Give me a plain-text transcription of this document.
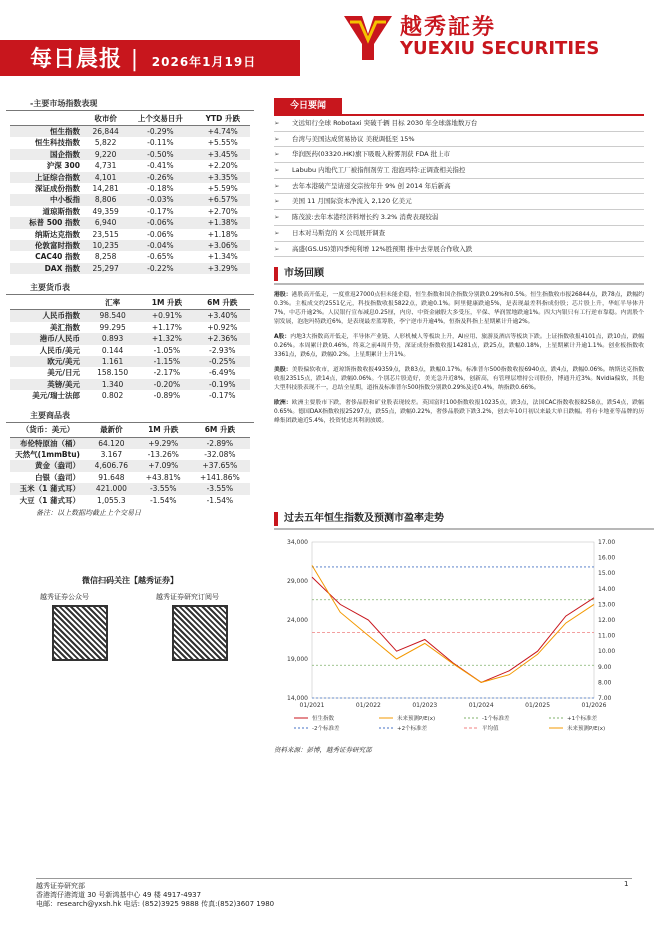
每日晨报 | 2026年1月19日
越秀証券
YUEXIU SECURITIES
-主要市场指数表现
	收市价	上个交易日升	YTD 升跌
恒生指数	26,844	-0.29%	+4.74%
恒生科技指数	5,822	-0.11%	+5.55%
国企指数	9,220	-0.50%	+3.45%
沪深 300	4,731	-0.41%	+2.20%
上证综合指数	4,101	-0.26%	+3.35%
深证成份指数	14,281	-0.18%	+5.59%
中小板指	8,806	-0.03%	+6.57%
道琼斯指数	49,359	-0.17%	+2.70%
标普 500 指数	6,940	-0.06%	+1.38%
纳斯达克指数	23,515	-0.06%	+1.18%
伦敦富时指数	10,235	-0.04%	+3.06%
CAC40 指数	8,258	-0.65%	+1.34%
DAX 指数	25,297	-0.22%	+3.29%
主要货币表
	汇率	1M 升跌	6M 升跌
人民币指数	98.540	+0.91%	+3.40%
美汇指数	99.295	+1.17%	+0.92%
港币/人民币	0.893	+1.32%	+2.36%
人民币/美元	0.144	-1.05%	-2.93%
欧元/美元	1.161	-1.15%	-0.25%
美元/日元	158.150	-2.17%	-6.49%
英镑/美元	1.340	-0.20%	-0.19%
美元/瑞士法郎	0.802	-0.89%	-0.17%
主要商品表
（货币：美元）	最新价	1M 升跌	6M 升跌
布伦特原油（桶）	64.120	+9.29%	-2.89%
天然气(1mmBtu)	3.167	-13.26%	-32.08%
黄金（盎司）	4,606.76	+7.09%	+37.65%
白银（盎司）	91.648	+43.81%	+141.86%
玉米（1 蒲式耳）	421.000	-3.55%	-3.55%
大豆（1 蒲式耳）	1,055.3	-1.54%	-1.54%
备注：以上数据均截止上个交易日
微信扫码关注【越秀证券】
越秀证券公众号	越秀证券研究订阅号
今日要闻
➢ 文远知行全球 Robotaxi 突破千辆 目标 2030 年全球落地数万台
➢ 台湾与美国达成贸易协议 美税调低至 15%
➢ 华润医药(03320.HK)旗下吸吸入粉雾剂获 FDA 批上市
➢ Labubu 内地代工厂被指削剂劳工 泡泡玛特:正调查相关指控
➢ 去年本港破产呈请递交宗按年升 9% 创 2014 年后新高
➢ 美国 11 月国际资本净流入 2,120 亿美元
➢ 陈茂波:去年本港经济料增长约 3.2% 消费表现较弱
➢ 日本对马斯克的 X 公司展开调查
➢ 高盛(GS.US)第四季纯利增 12%胜预期 推中去芽展合作收入跌
市场回顾
港股：港股高开低走，一度重返27000点但未能企稳，恒生指数和国企指数分别跌0.29%和0.5%。恒生指数收市报26844点，跌78点，跌幅约0.3%。主板成交约2551亿元，科技指数收报5822点，跌逾0.1%。阿里健康跌逾5%，是表现最差科指成份股；芯片股上升，华虹半导体升7%，中芯升逾2%。人民银行宣布减息0.25厘，内房、中资金融股大多受压，平保、华润置地跌逾1%。四大内银只有工行逆市靠稳。内需股个别发展，泡泡玛特跌近6%，是表现最差蓝筹股，李宁逆市升逾4%，恒指及科指上星期累计升逾2%。
A股：内地3大指数高开低走，半导体产业链、人形机械人等板块上升，AI应用、旅游及酒店等板块下跌。上证指数收报4101点，跌10点，跌幅0.26%。本周累计跌0.46%，终束之前4周升势，深证成份指数收报14281点，跌25点，跌幅0.18%，上星期累计升逾1.1%。创业板指数收3361点，跌6点，跌幅0.2%。上星期累计上升1%。
美股：美股偏软收市，道琼斯指数收报49359点，跌83点，跌幅0.17%。标准普尔500指数收报6940点，跌4点，跌幅0.06%。纳斯达克指数收报23515点，跌14点，跌幅0.06%。个别芯片股造好，美光急升近8%，创新高，有管理层增持公司股份，博通升近3%。Nvidia偏软，其他大型科技股表现不一，总结全星期，道指及标准普尔500指数分别跌0.29%及近0.4%，纳指跌0.66%。
欧洲：欧洲主要股市下跌，奢侈品股和矿业股表现较差。英国富时100指数收报10235点，跌3点，法国CAC指数收报8258点，跌54点，跌幅0.65%。德国DAX指数收报25297点，跌55点，跌幅0.22%，奢侈品股跌下跌3.2%，创去年10月初以来最大单日跌幅。将有卡地亚等品牌的历峰集团跌逾近5.4%，投资忧虑其利润放缓。
过去五年恒生指数及预测市盈率走势
14,000
19,000
24,000
29,000
34,000
7.00
8.00
9.00
10.00
11.00
12.00
13.00
14.00
15.00
16.00
17.00
01/2021	01/2022	01/2023	01/2024	01/2025	01/2026
恒生指数	未来预测P/E(x)	-1个标准差	+1个标准差
-2个标准差	+2个标准差	平均值	未来预测P/E(x)
资料来源：彭博，越秀证券研究部
越秀证券研究部
香港湾仔港湾道 30 号新鸿基中心 49 楼 4917-4937
电邮：research@yxsh.hk 电话: (852)3925 9888 传真:(852)3607 1980
1
